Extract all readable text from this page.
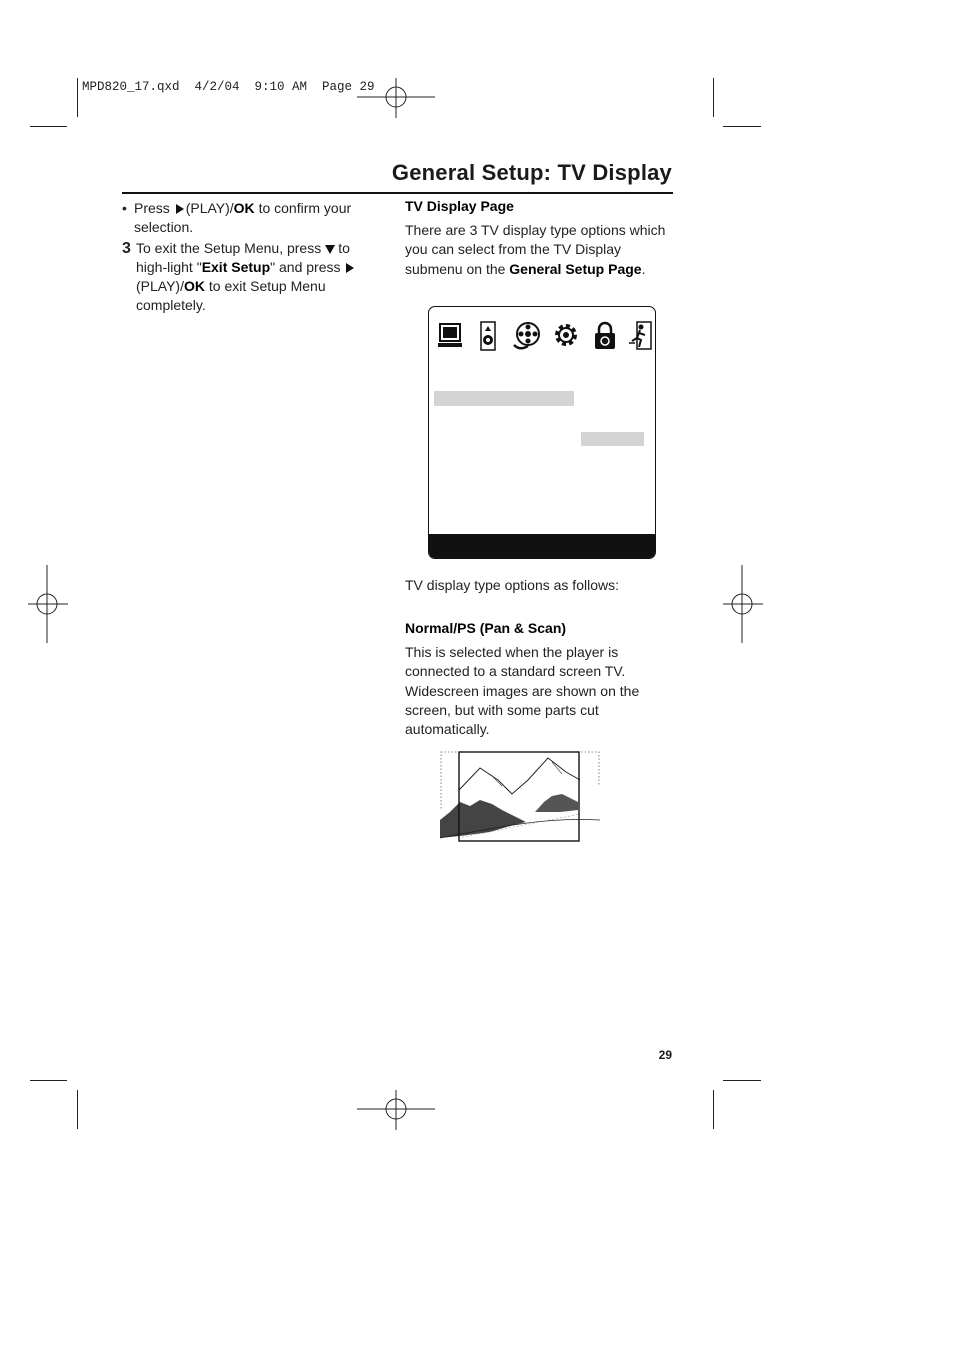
MPD820_17.qxd  4/2/04  9:10 AM  Page 29
General Setup: TV Display
• Press (PLAY)/OK to confirm your selection.
3 To exit the Setup Menu, press to high-light "Exit Setup" and press (PLAY)/OK to exit Setup Menu completely.
TV Display Page
There are 3 TV display type options which you can select from the TV Display submenu on the General Setup Page.
TV display type options as follows:
Normal/PS (Pan & Scan)
This is selected when the player is connected to a standard screen TV. Widescreen images are shown on the screen, but with some parts cut automatically.
29
